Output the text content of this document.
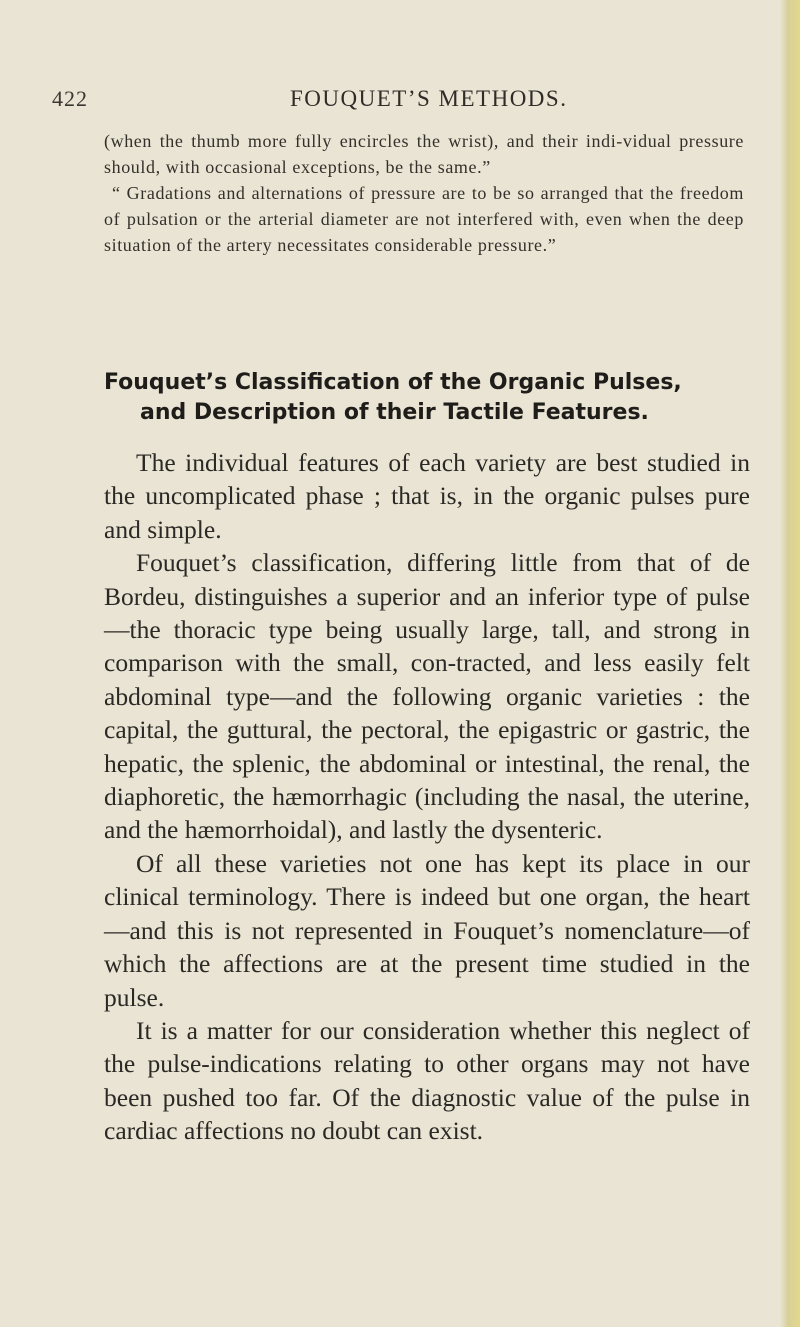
422	FOUQUET’S METHODS.

(when the thumb more fully encircles the wrist), and their indi-vidual pressure should, with occasional exceptions, be the same.”

“ Gradations and alternations of pressure are to be so arranged that the freedom of pulsation or the arterial diameter are not interfered with, even when the deep situation of the artery necessitates considerable pressure.”

Fouquet’s Classification of the Organic Pulses,
and Description of their Tactile Features.

The individual features of each variety are best studied in the uncomplicated phase ; that is, in the organic pulses pure and simple.

Fouquet’s classification, differing little from that of de Bordeu, distinguishes a superior and an inferior type of pulse—the thoracic type being usually large, tall, and strong in comparison with the small, con-tracted, and less easily felt abdominal type—and the following organic varieties : the capital, the guttural, the pectoral, the epigastric or gastric, the hepatic, the splenic, the abdominal or intestinal, the renal, the diaphoretic, the hæmorrhagic (including the nasal, the uterine, and the hæmorrhoidal), and lastly the dysenteric.

Of all these varieties not one has kept its place in our clinical terminology. There is indeed but one organ, the heart—and this is not represented in Fouquet’s nomenclature—of which the affections are at the present time studied in the pulse.

It is a matter for our consideration whether this neglect of the pulse-indications relating to other organs may not have been pushed too far. Of the diagnostic value of the pulse in cardiac affections no doubt can exist.
